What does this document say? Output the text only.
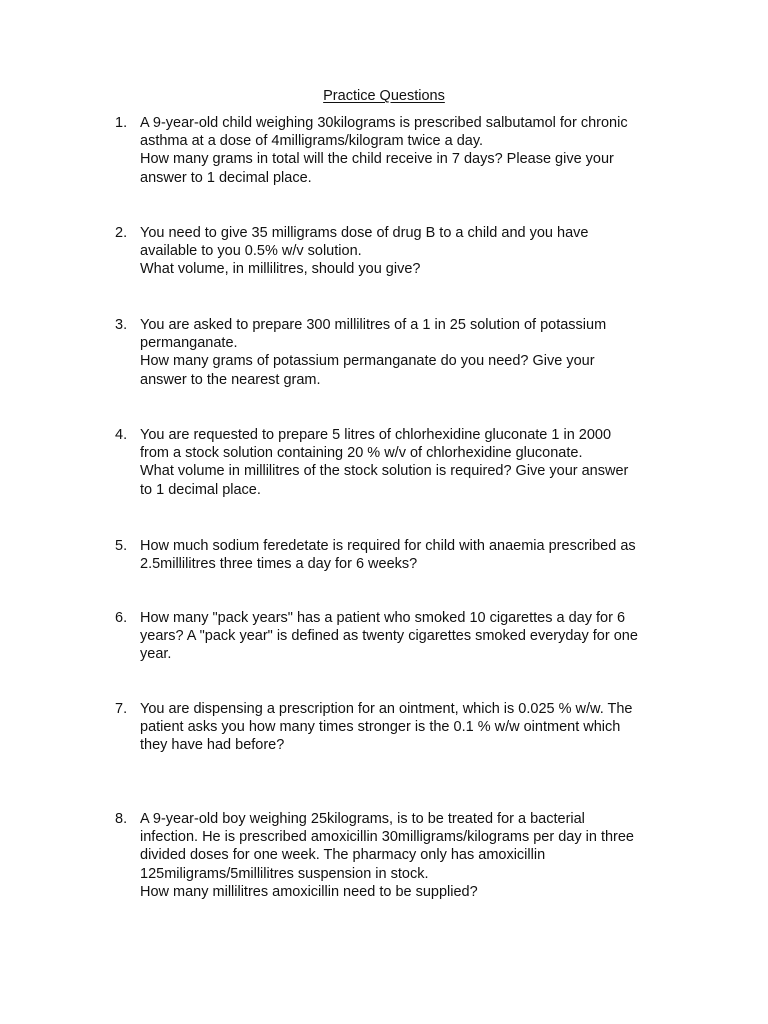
Practice Questions
1. A 9-year-old child weighing 30kilograms is prescribed salbutamol for chronic
asthma at a dose of 4milligrams/kilogram twice a day.
How many grams in total will the child receive in 7 days? Please give your
answer to 1 decimal place.
2. You need to give 35 milligrams dose of drug B to a child and you have
available to you 0.5% w/v solution.
What volume, in millilitres, should you give?
3. You are asked to prepare 300 millilitres of a 1 in 25 solution of potassium
permanganate.
How many grams of potassium permanganate do you need? Give your
answer to the nearest gram.
4. You are requested to prepare 5 litres of chlorhexidine gluconate 1 in 2000
from a stock solution containing 20 % w/v of chlorhexidine gluconate.
What volume in millilitres of the stock solution is required? Give your answer
to 1 decimal place.
5. How much sodium feredetate is required for child with anaemia prescribed as
2.5millilitres three times a day for 6 weeks?
6. How many "pack years" has a patient who smoked 10 cigarettes a day for 6
years? A "pack year" is defined as twenty cigarettes smoked everyday for one
year.
7. You are dispensing a prescription for an ointment, which is 0.025 % w/w. The
patient asks you how many times stronger is the 0.1 % w/w ointment which
they have had before?
8. A 9-year-old boy weighing 25kilograms, is to be treated for a bacterial
infection. He is prescribed amoxicillin 30milligrams/kilograms per day in three
divided doses for one week. The pharmacy only has amoxicillin
125miligrams/5millilitres suspension in stock.
How many millilitres amoxicillin need to be supplied?
